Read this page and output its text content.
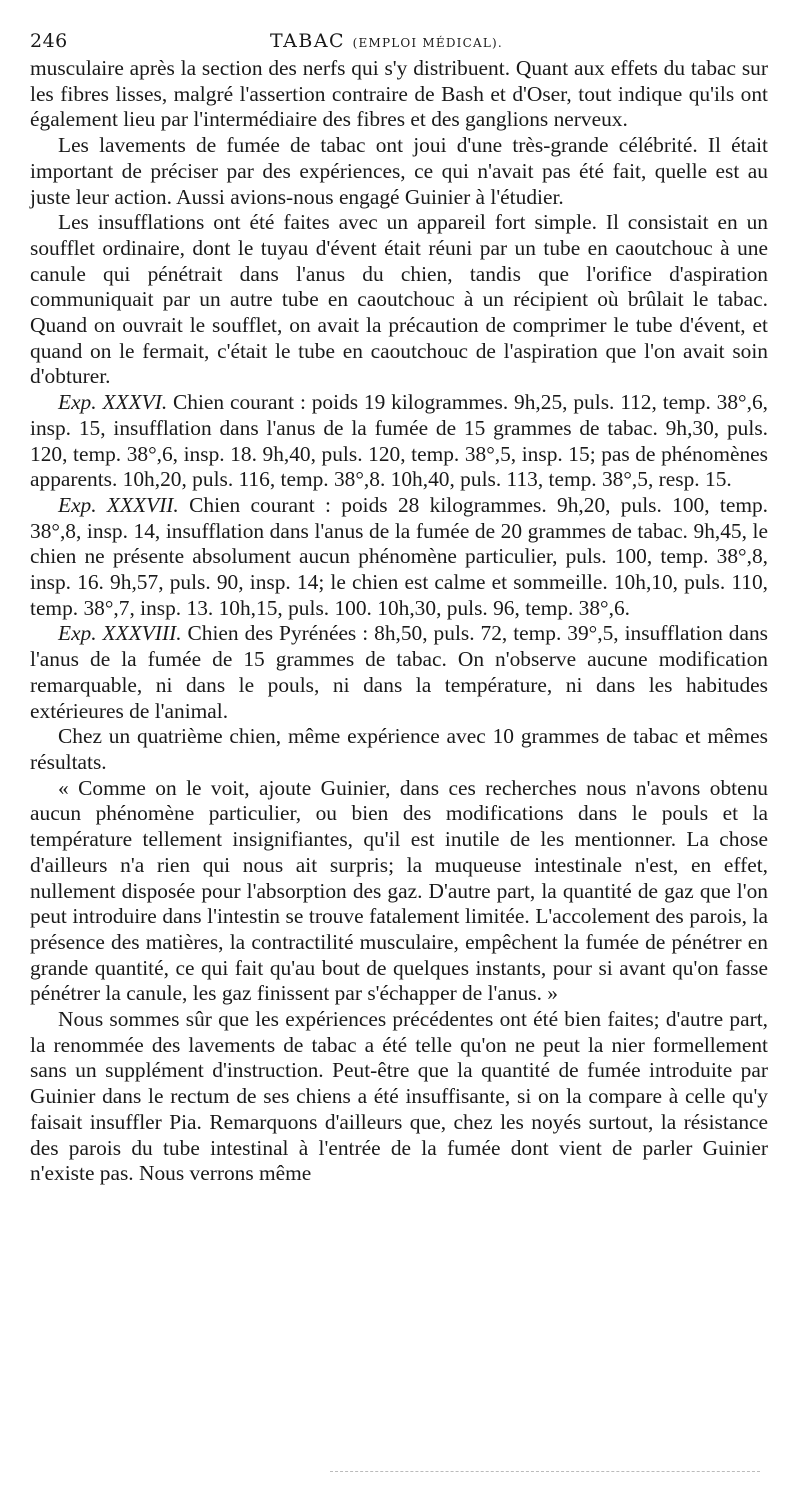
246	TABAC (EMPLOI MÉDICAL).

musculaire après la section des nerfs qui s'y distribuent. Quant aux effets du tabac sur les fibres lisses, malgré l'assertion contraire de Bash et d'Oser, tout indique qu'ils ont également lieu par l'intermédiaire des fibres et des ganglions nerveux.

Les lavements de fumée de tabac ont joui d'une très-grande célébrité. Il était important de préciser par des expériences, ce qui n'avait pas été fait, quelle est au juste leur action. Aussi avions-nous engagé Guinier à l'étudier.

Les insufflations ont été faites avec un appareil fort simple. Il consistait en un soufflet ordinaire, dont le tuyau d'évent était réuni par un tube en caoutchouc à une canule qui pénétrait dans l'anus du chien, tandis que l'orifice d'aspiration communiquait par un autre tube en caoutchouc à un récipient où brûlait le tabac. Quand on ouvrait le soufflet, on avait la précaution de comprimer le tube d'évent, et quand on le fermait, c'était le tube en caoutchouc de l'aspiration que l'on avait soin d'obturer.

Exp. XXXVI. Chien courant : poids 19 kilogrammes. 9h,25, puls. 112, temp. 38°,6, insp. 15, insufflation dans l'anus de la fumée de 15 grammes de tabac. 9h,30, puls. 120, temp. 38°,6, insp. 18. 9h,40, puls. 120, temp. 38°,5, insp. 15; pas de phénomènes apparents. 10h,20, puls. 116, temp. 38°,8. 10h,40, puls. 113, temp. 38°,5, resp. 15.

Exp. XXXVII. Chien courant : poids 28 kilogrammes. 9h,20, puls. 100, temp. 38°,8, insp. 14, insufflation dans l'anus de la fumée de 20 grammes de tabac. 9h,45, le chien ne présente absolument aucun phénomène particulier, puls. 100, temp. 38°,8, insp. 16. 9h,57, puls. 90, insp. 14; le chien est calme et sommeille. 10h,10, puls. 110, temp. 38°,7, insp. 13. 10h,15, puls. 100. 10h,30, puls. 96, temp. 38°,6.

Exp. XXXVIII. Chien des Pyrénées : 8h,50, puls. 72, temp. 39°,5, insufflation dans l'anus de la fumée de 15 grammes de tabac. On n'observe aucune modification remarquable, ni dans le pouls, ni dans la température, ni dans les habitudes extérieures de l'animal.

Chez un quatrième chien, même expérience avec 10 grammes de tabac et mêmes résultats.

« Comme on le voit, ajoute Guinier, dans ces recherches nous n'avons obtenu aucun phénomène particulier, ou bien des modifications dans le pouls et la température tellement insignifiantes, qu'il est inutile de les mentionner. La chose d'ailleurs n'a rien qui nous ait surpris; la muqueuse intestinale n'est, en effet, nullement disposée pour l'absorption des gaz. D'autre part, la quantité de gaz que l'on peut introduire dans l'intestin se trouve fatalement limitée. L'accolement des parois, la présence des matières, la contractilité musculaire, empêchent la fumée de pénétrer en grande quantité, ce qui fait qu'au bout de quelques instants, pour si avant qu'on fasse pénétrer la canule, les gaz finissent par s'échapper de l'anus. »

Nous sommes sûr que les expériences précédentes ont été bien faites; d'autre part, la renommée des lavements de tabac a été telle qu'on ne peut la nier formellement sans un supplément d'instruction. Peut-être que la quantité de fumée introduite par Guinier dans le rectum de ses chiens a été insuffisante, si on la compare à celle qu'y faisait insuffler Pia. Remarquons d'ailleurs que, chez les noyés surtout, la résistance des parois du tube intestinal à l'entrée de la fumée dont vient de parler Guinier n'existe pas. Nous verrons même
